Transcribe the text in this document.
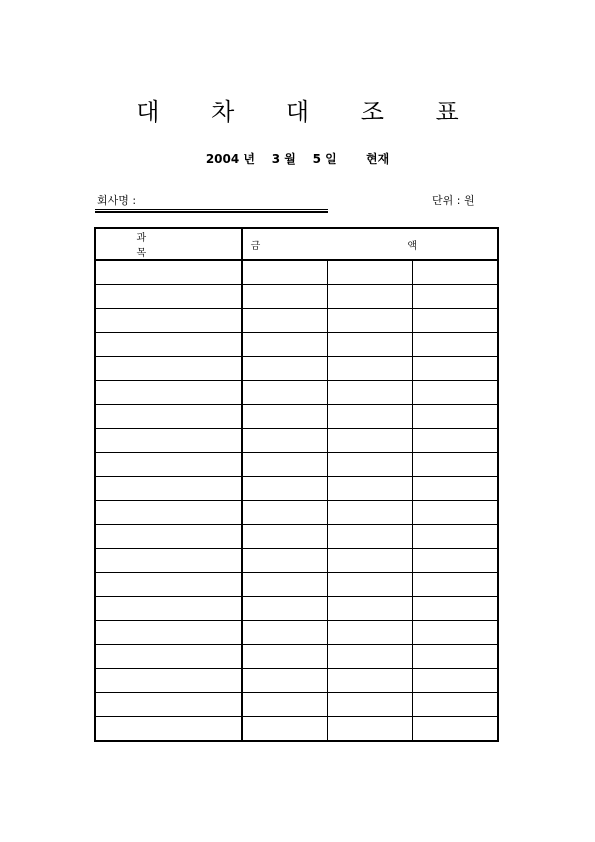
대 차 대 조 표
2004 년 3 월 5 일 현재
회사명 :	단위 : 원
과 목	금 액		
